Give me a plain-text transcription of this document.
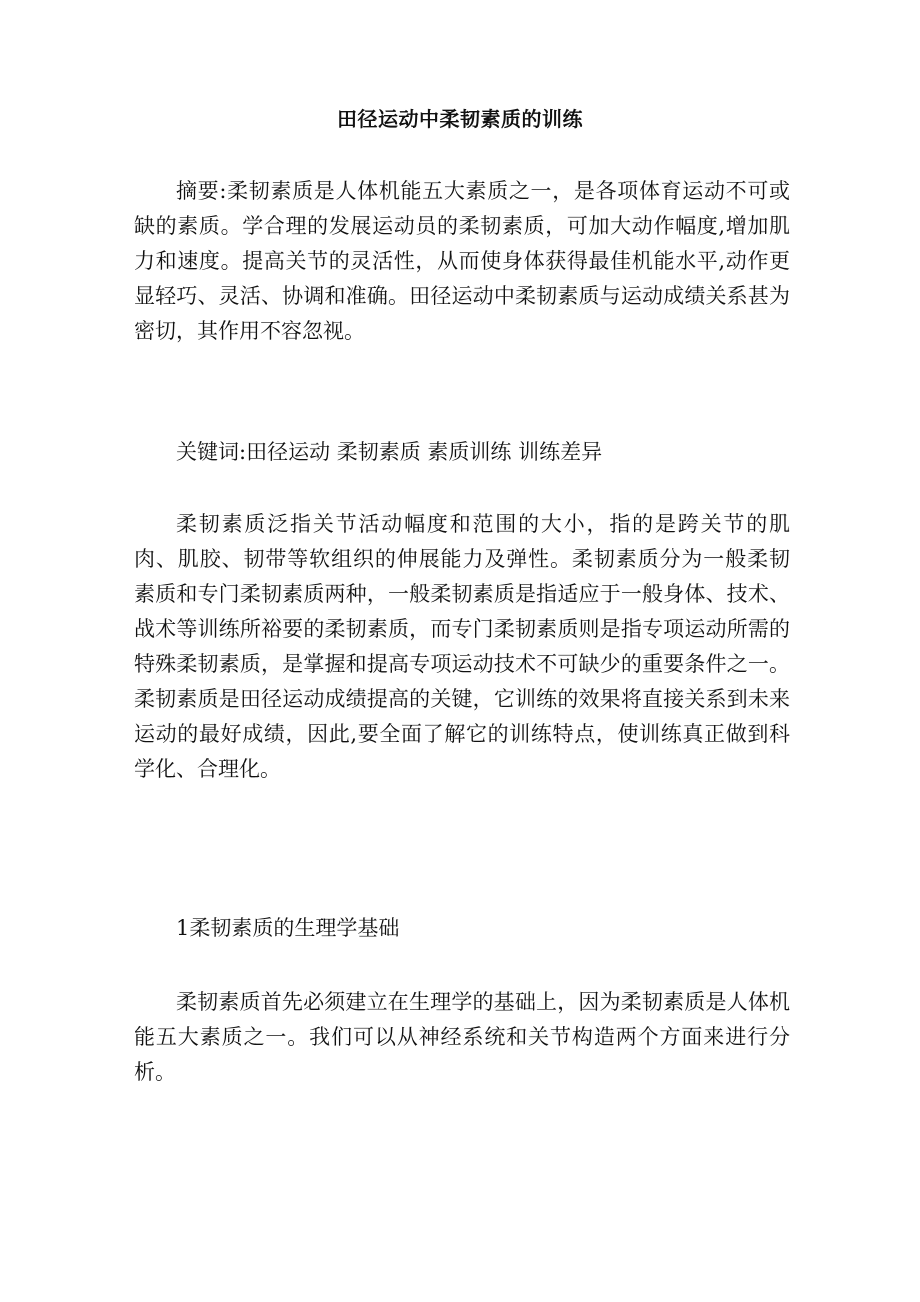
田径运动中柔韧素质的训练

摘要:柔韧素质是人体机能五大素质之一，是各项体育运动不可或缺的素质。学合理的发展运动员的柔韧素质，可加大动作幅度,增加肌力和速度。提高关节的灵活性，从而使身体获得最佳机能水平,动作更显轻巧、灵活、协调和准确。田径运动中柔韧素质与运动成绩关系甚为密切，其作用不容忽视。

关键词:田径运动 柔韧素质 素质训练 训练差异

柔韧素质泛指关节活动幅度和范围的大小，指的是跨关节的肌 肉、肌胶、韧带等软组织的伸展能力及弹性。柔韧素质分为一般柔韧 素质和专门柔韧素质两种，一般柔韧素质是指适应于一般身体、技术、战术等训练所裕要的柔韧素质，而专门柔韧素质则是指专项运动所需的特殊柔韧素质，是掌握和提高专项运动技术不可缺少的重要条件之一。柔韧素质是田径运动成绩提高的关键，它训练的效果将直接关系到未来运动的最好成绩，因此,要全面了解它的训练特点，使训练真正做到科学化、合理化。

1柔韧素质的生理学基础

柔韧素质首先必须建立在生理学的基础上，因为柔韧素质是人体机能五大素质之一。我们可以从神经系统和关节构造两个方面来进行分析。
